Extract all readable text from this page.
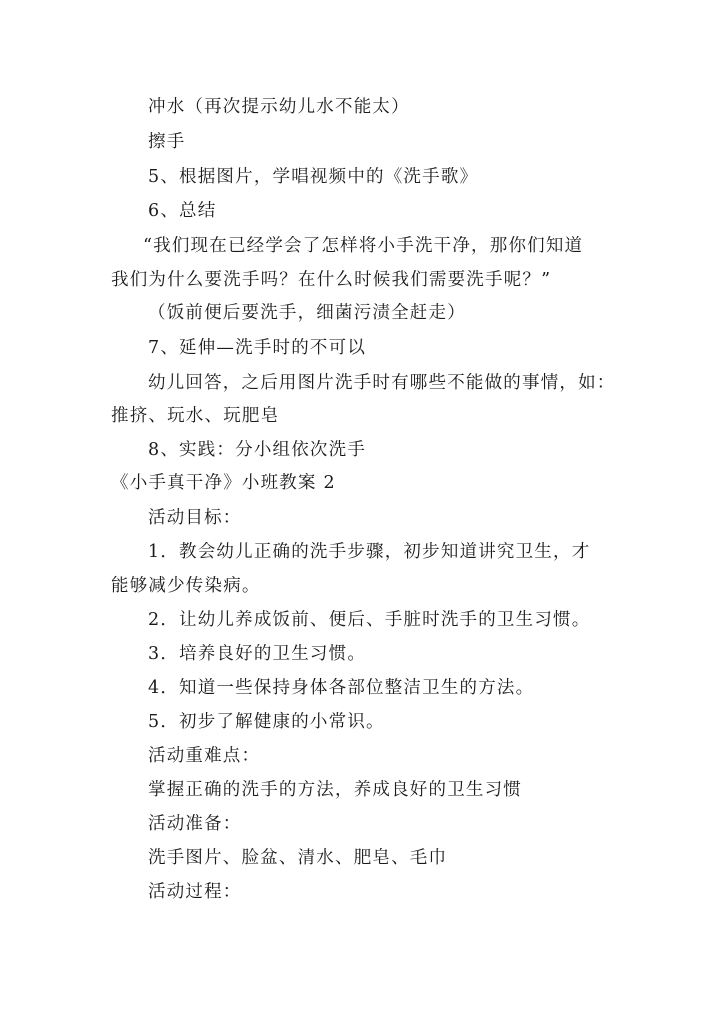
冲水（再次提示幼儿水不能太）
擦手
5、根据图片，学唱视频中的《洗手歌》
6、总结
“我们现在已经学会了怎样将小手洗干净，那你们知道
我们为什么要洗手吗？在什么时候我们需要洗手呢？”
（饭前便后要洗手，细菌污渍全赶走）
7、延伸—洗手时的不可以
幼儿回答，之后用图片洗手时有哪些不能做的事情，如：
推挤、玩水、玩肥皂
8、实践：分小组依次洗手
《小手真干净》小班教案 2
活动目标：
1．教会幼儿正确的洗手步骤，初步知道讲究卫生，才
能够减少传染病。
2．让幼儿养成饭前、便后、手脏时洗手的卫生习惯。
3．培养良好的卫生习惯。
4．知道一些保持身体各部位整洁卫生的方法。
5．初步了解健康的小常识。
活动重难点：
掌握正确的洗手的方法，养成良好的卫生习惯
活动准备：
洗手图片、脸盆、清水、肥皂、毛巾
活动过程：
